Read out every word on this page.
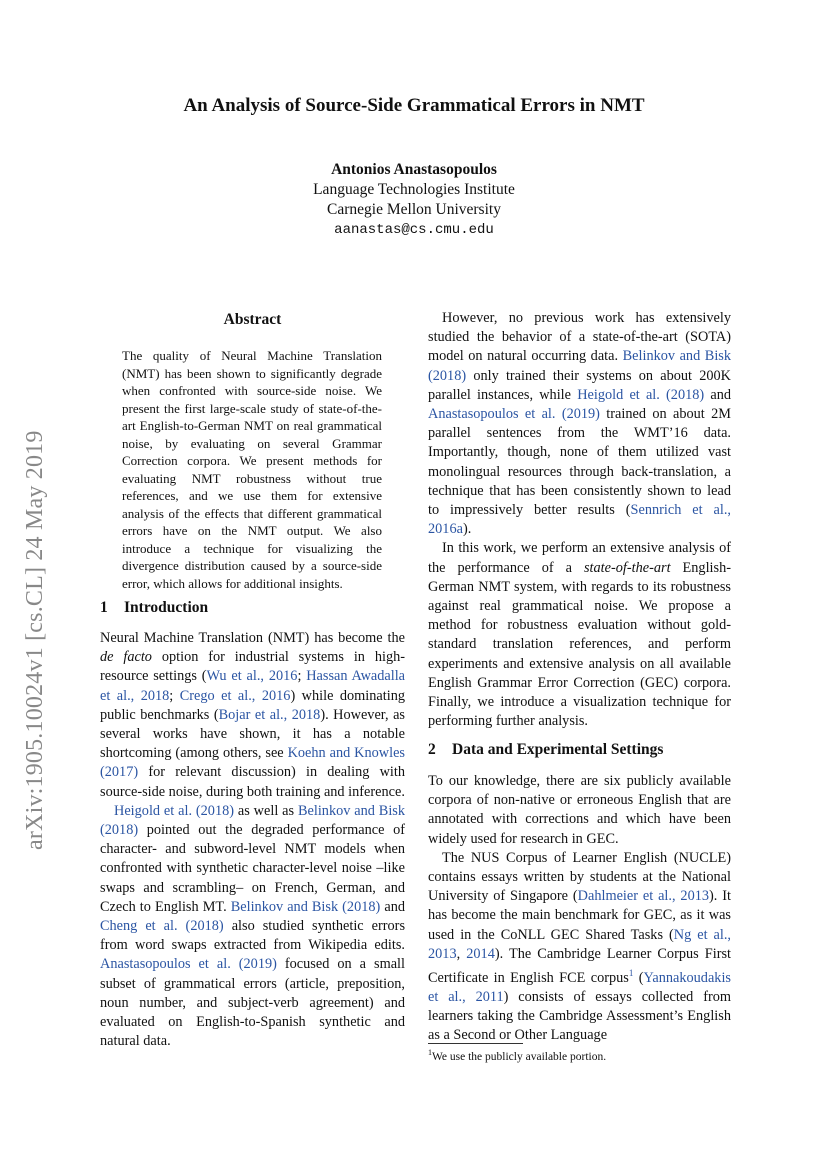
An Analysis of Source-Side Grammatical Errors in NMT
Antonios Anastasopoulos
Language Technologies Institute
Carnegie Mellon University
aanastas@cs.cmu.edu
arXiv:1905.10024v1 [cs.CL] 24 May 2019
Abstract
The quality of Neural Machine Translation (NMT) has been shown to significantly degrade when confronted with source-side noise. We present the first large-scale study of state-of-the-art English-to-German NMT on real grammatical noise, by evaluating on several Grammar Correction corpora. We present methods for evaluating NMT robustness without true references, and we use them for extensive analysis of the effects that different grammatical errors have on the NMT output. We also introduce a technique for visualizing the divergence distribution caused by a source-side error, which allows for additional insights.
1 Introduction

Neural Machine Translation (NMT) has become the de facto option for industrial systems in high-resource settings (Wu et al., 2016; Hassan Awadalla et al., 2018; Crego et al., 2016) while dominating public benchmarks (Bojar et al., 2018). However, as several works have shown, it has a notable shortcoming (among others, see Koehn and Knowles (2017) for relevant discussion) in dealing with source-side noise, during both training and inference.

Heigold et al. (2018) as well as Belinkov and Bisk (2018) pointed out the degraded performance of character- and subword-level NMT models when confronted with synthetic character-level noise –like swaps and scrambling– on French, German, and Czech to English MT. Belinkov and Bisk (2018) and Cheng et al. (2018) also studied synthetic errors from word swaps extracted from Wikipedia edits. Anastasopoulos et al. (2019) focused on a small subset of grammatical errors (article, preposition, noun number, and subject-verb agreement) and evaluated on English-to-Spanish synthetic and natural data.

However, no previous work has extensively studied the behavior of a state-of-the-art (SOTA) model on natural occurring data. Belinkov and Bisk (2018) only trained their systems on about 200K parallel instances, while Heigold et al. (2018) and Anastasopoulos et al. (2019) trained on about 2M parallel sentences from the WMT’16 data. Importantly, though, none of them utilized vast monolingual resources through back-translation, a technique that has been consistently shown to lead to impressively better results (Sennrich et al., 2016a).

In this work, we perform an extensive analysis of the performance of a state-of-the-art English-German NMT system, with regards to its robustness against real grammatical noise. We propose a method for robustness evaluation without gold-standard translation references, and perform experiments and extensive analysis on all available English Grammar Error Correction (GEC) corpora. Finally, we introduce a visualization technique for performing further analysis.

2 Data and Experimental Settings

To our knowledge, there are six publicly available corpora of non-native or erroneous English that are annotated with corrections and which have been widely used for research in GEC.

The NUS Corpus of Learner English (NUCLE) contains essays written by students at the National University of Singapore (Dahlmeier et al., 2013). It has become the main benchmark for GEC, as it was used in the CoNLL GEC Shared Tasks (Ng et al., 2013, 2014). The Cambridge Learner Corpus First Certificate in English FCE corpus$^1$ (Yannakoudakis et al., 2011) consists of essays collected from learners taking the Cambridge Assessment’s English as a Second or Other Language

$^1$We use the publicly available portion.
